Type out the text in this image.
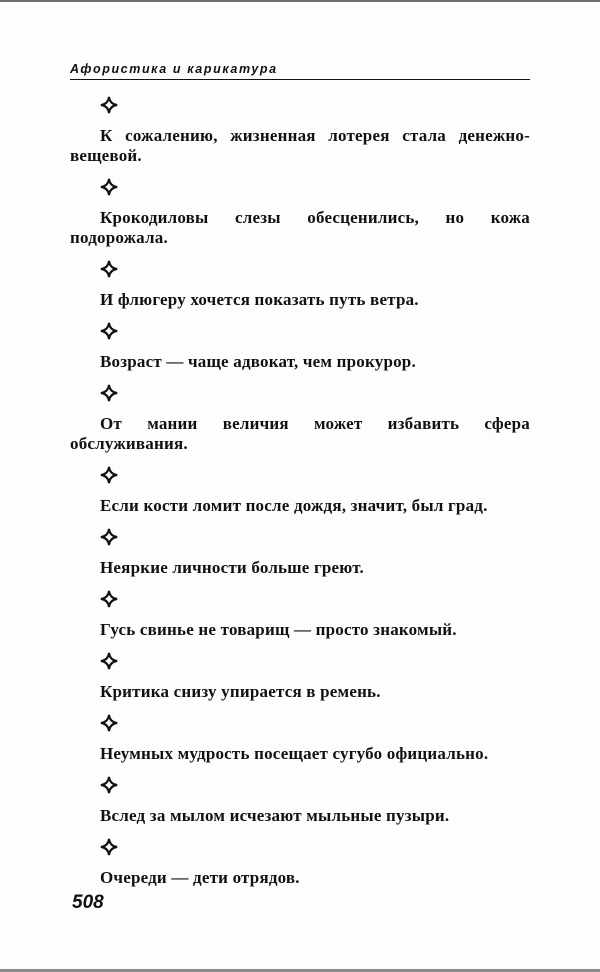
Афористика и карикатура

К сожалению, жизненная лотерея стала денежно-вещевой.

Крокодиловы слезы обесценились, но кожа подорожала.

И флюгеру хочется показать путь ветра.

Возраст — чаще адвокат, чем прокурор.

От мании величия может избавить сфера обслуживания.

Если кости ломит после дождя, значит, был град.

Неяркие личности больше греют.

Гусь свинье не товарищ — просто знакомый.

Критика снизу упирается в ремень.

Неумных мудрость посещает сугубо официально.

Вслед за мылом исчезают мыльные пузыри.

Очереди — дети отрядов.

508
